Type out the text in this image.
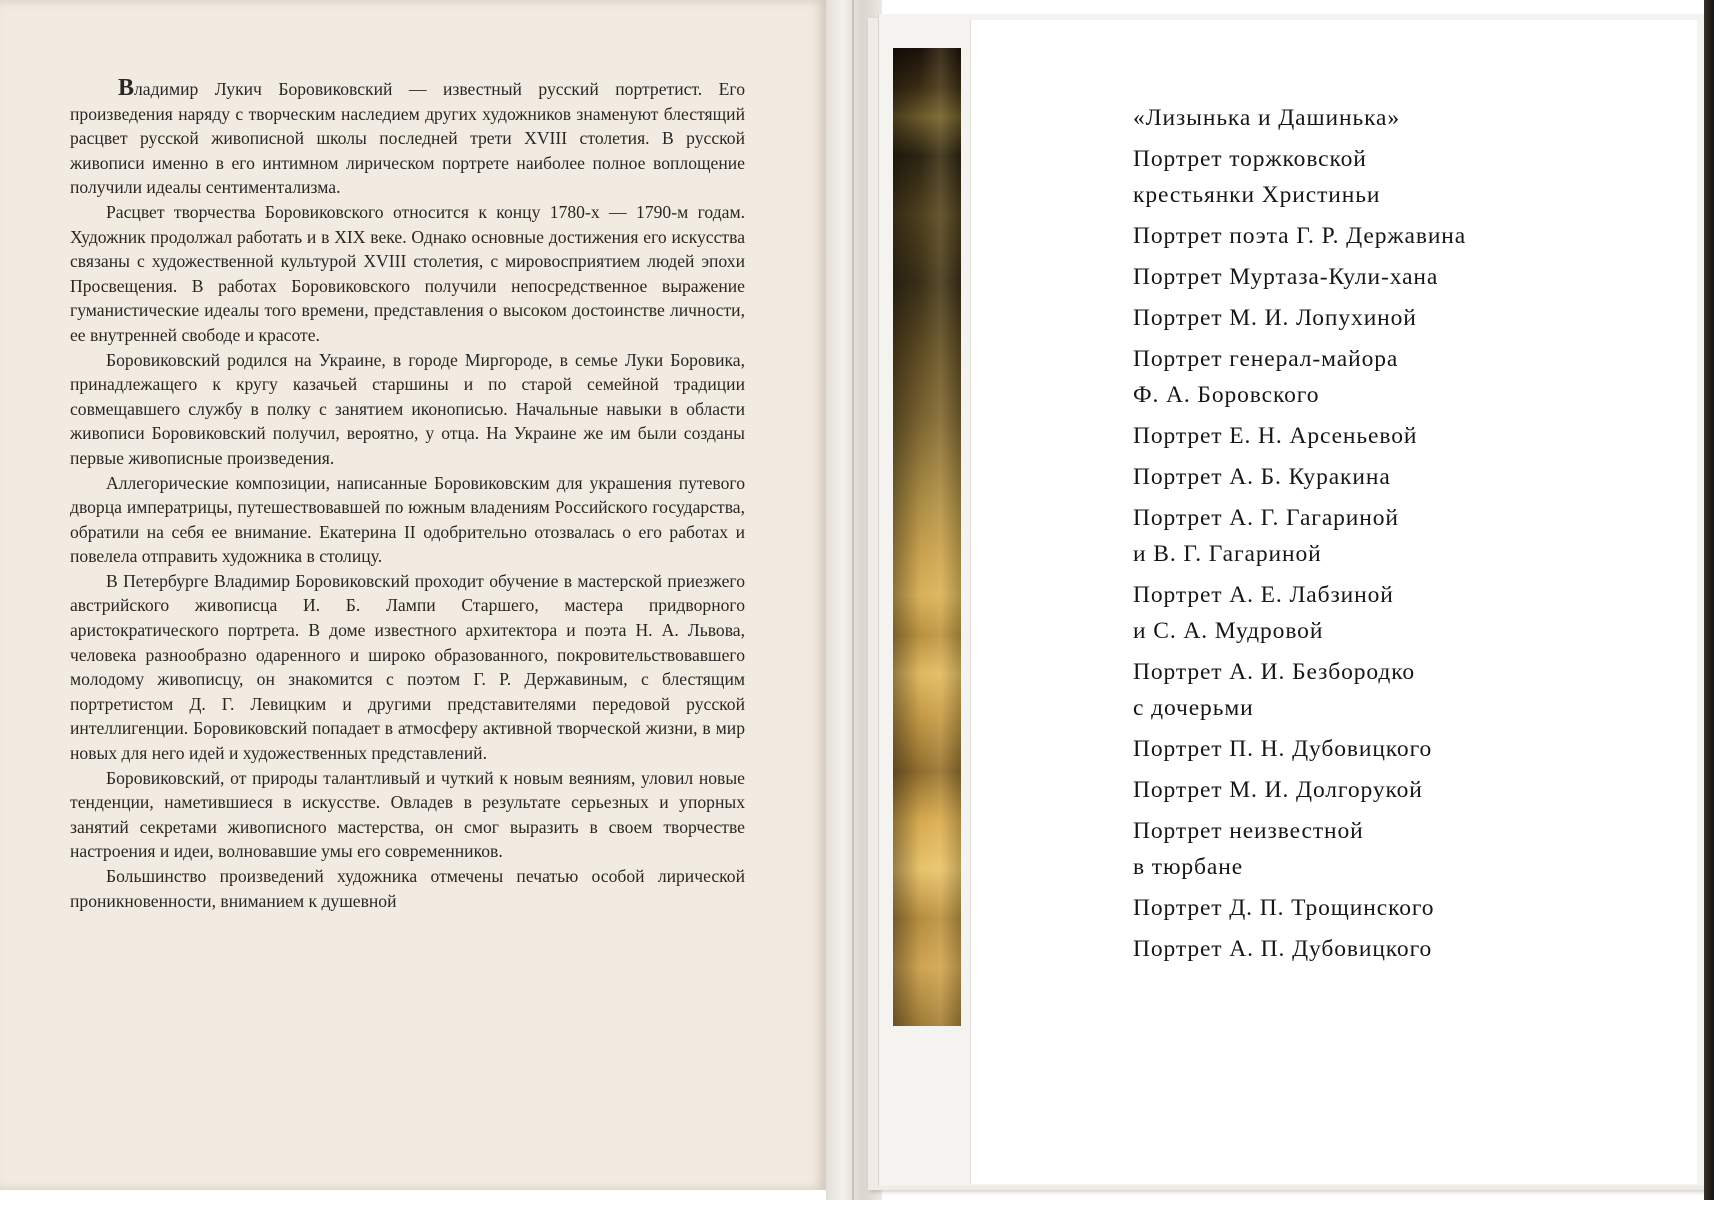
Владимир Лукич Боровиковский — известный русский портретист. Его произведения наряду с творческим наследием других художников знаменуют блестящий расцвет русской живописной школы последней трети XVIII столетия. В русской живописи именно в его интимном лирическом портрете наиболее полное воплощение получили идеалы сентиментализма.

Расцвет творчества Боровиковского относится к концу 1780-х — 1790-м годам. Художник продолжал работать и в XIX веке. Однако основные достижения его искусства связаны с художественной культурой XVIII столетия, с мировосприятием людей эпохи Просвещения. В работах Боровиковского получили непосредственное выражение гуманистические идеалы того времени, представления о высоком достоинстве личности, ее внутренней свободе и красоте.

Боровиковский родился на Украине, в городе Миргороде, в семье Луки Боровика, принадлежащего к кругу казачьей старшины и по старой семейной традиции совмещавшего службу в полку с занятием иконописью. Начальные навыки в области живописи Боровиковский получил, вероятно, у отца. На Украине же им были созданы первые живописные произведения.

Аллегорические композиции, написанные Боровиковским для украшения путевого дворца императрицы, путешествовавшей по южным владениям Российского государства, обратили на себя ее внимание. Екатерина II одобрительно отозвалась о его работах и повелела отправить художника в столицу.

В Петербурге Владимир Боровиковский проходит обучение в мастерской приезжего австрийского живописца И. Б. Лампи Старшего, мастера придворного аристократического портрета. В доме известного архитектора и поэта Н. А. Львова, человека разнообразно одаренного и широко образованного, покровительствовавшего молодому живописцу, он знакомится с поэтом Г. Р. Державиным, с блестящим портретистом Д. Г. Левицким и другими представителями передовой русской интеллигенции. Боровиковский попадает в атмосферу активной творческой жизни, в мир новых для него идей и художественных представлений.

Боровиковский, от природы талантливый и чуткий к новым веяниям, уловил новые тенденции, наметившиеся в искусстве. Овладев в результате серьезных и упорных занятий секретами живописного мастерства, он смог выразить в своем творчестве настроения и идеи, волновавшие умы его современников.

Большинство произведений художника отмечены печатью особой лирической проникновенности, вниманием к душевной

«Лизынька и Дашинька»
Портрет торжковской
крестьянки Христиньи
Портрет поэта Г. Р. Державина
Портрет Муртаза-Кули-хана
Портрет М. И. Лопухиной
Портрет генерал-майора
Ф. А. Боровского
Портрет Е. Н. Арсеньевой
Портрет А. Б. Куракина
Портрет А. Г. Гагариной
и В. Г. Гагариной
Портрет А. Е. Лабзиной
и С. А. Мудровой
Портрет А. И. Безбородко
с дочерьми
Портрет П. Н. Дубовицкого
Портрет М. И. Долгорукой
Портрет неизвестной
в тюрбане
Портрет Д. П. Трощинского
Портрет А. П. Дубовицкого
